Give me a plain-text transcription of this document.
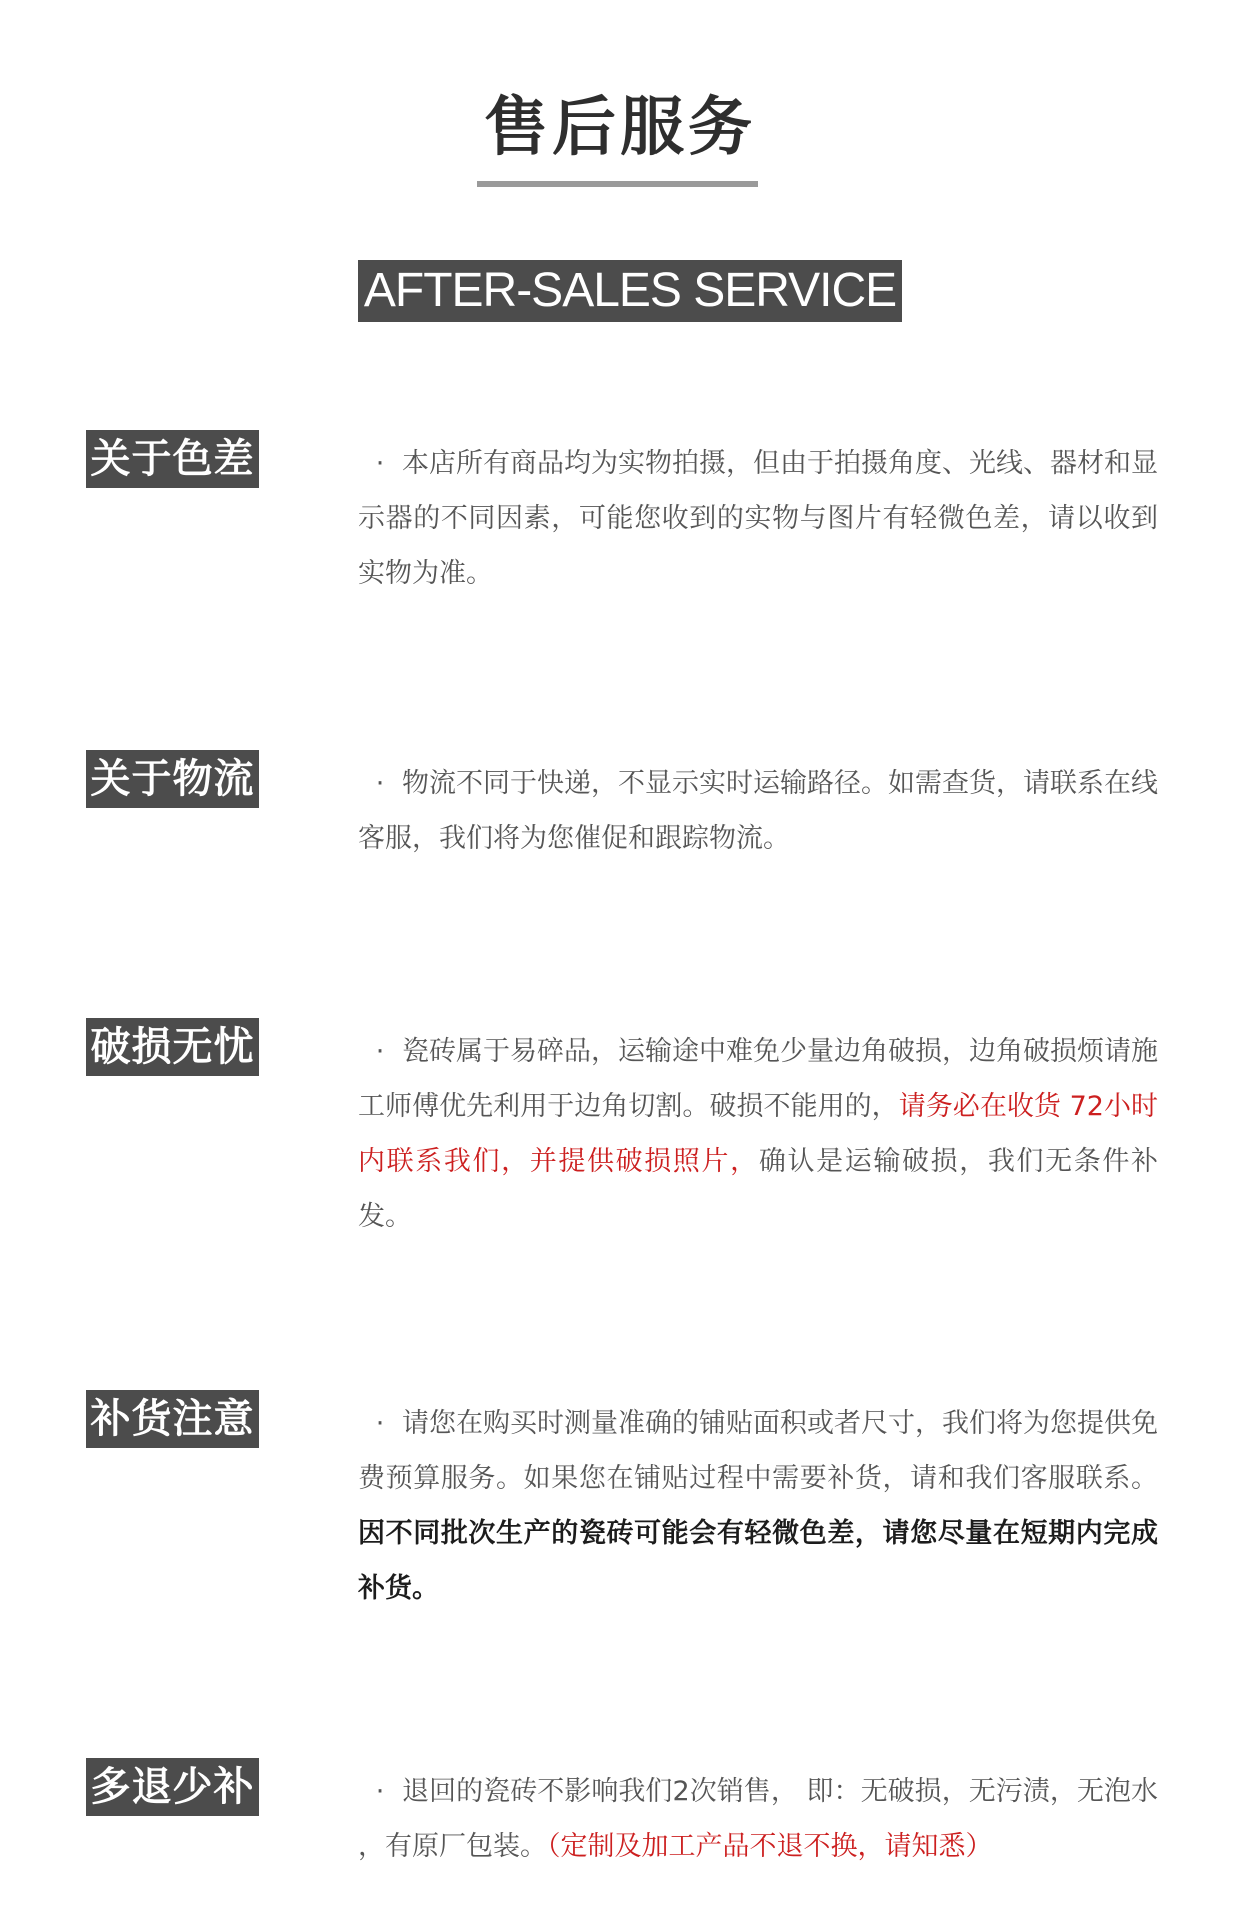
售后服务
AFTER-SALES SERVICE
关于色差	· 本店所有商品均为实物拍摄，但由于拍摄角度、光线、器材和显示器的不同因素，可能您收到的实物与图片有轻微色差，请以收到实物为准。
关于物流	· 物流不同于快递，不显示实时运输路径。如需查货，请联系在线客服，我们将为您催促和跟踪物流。
破损无忧	· 瓷砖属于易碎品，运输途中难免少量边角破损，边角破损烦请施工师傅优先利用于边角切割。破损不能用的，请务必在收货 72小时内联系我们，并提供破损照片，确认是运输破损，我们无条件补发。
补货注意	· 请您在购买时测量准确的铺贴面积或者尺寸，我们将为您提供免费预算服务。如果您在铺贴过程中需要补货，请和我们客服联系。因不同批次生产的瓷砖可能会有轻微色差，请您尽量在短期内完成补货。
多退少补	· 退回的瓷砖不影响我们2次销售， 即：无破损，无污渍，无泡水 ，有原厂包装。（定制及加工产品不退不换，请知悉）
